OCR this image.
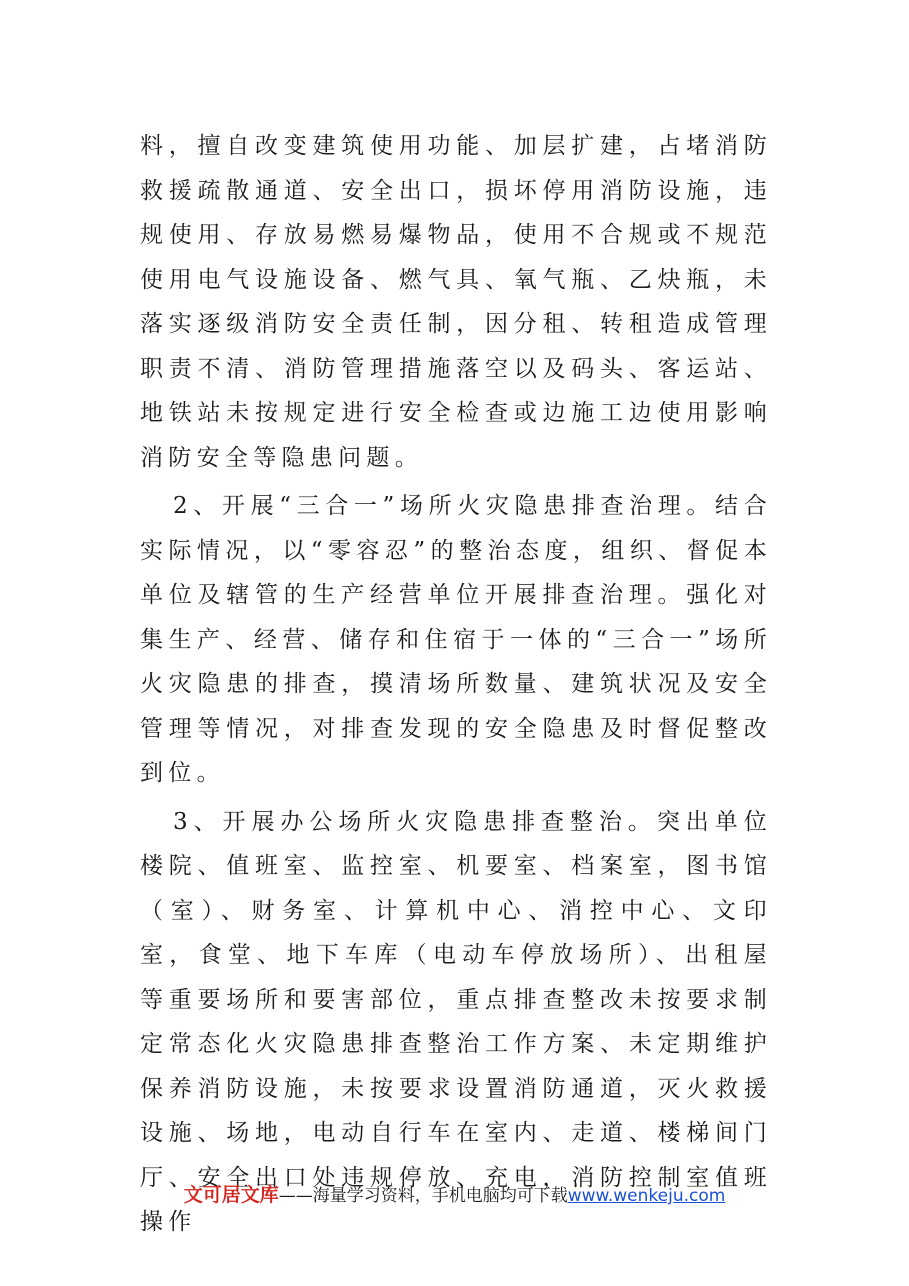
料，擅自改变建筑使用功能、加层扩建，占堵消防救援疏散通道、安全出口，损坏停用消防设施，违规使用、存放易燃易爆物品，使用不合规或不规范使用电气设施设备、燃气具、氧气瓶、乙炔瓶，未落实逐级消防安全责任制，因分租、转租造成管理职责不清、消防管理措施落空以及码头、客运站、地铁站未按规定进行安全检查或边施工边使用影响消防安全等隐患问题。

2、开展“三合一”场所火灾隐患排查治理。结合实际情况，以“零容忍”的整治态度，组织、督促本单位及辖管的生产经营单位开展排查治理。强化对集生产、经营、储存和住宿于一体的“三合一”场所火灾隐患的排查，摸清场所数量、建筑状况及安全管理等情况，对排查发现的安全隐患及时督促整改到位。

3、开展办公场所火灾隐患排查整治。突出单位楼院、值班室、监控室、机要室、档案室，图书馆（室）、财务室、计算机中心、消控中心、文印室，食堂、地下车库（电动车停放场所）、出租屋等重要场所和要害部位，重点排查整改未按要求制定常态化火灾隐患排查整治工作方案、未定期维护保养消防设施，未按要求设置消防通道，灭火救援设施、场地，电动自行车在室内、走道、楼梯间门厅、安全出口处违规停放、充电，消防控制室值班操作

文可居文库——海量学习资料，手机电脑均可下载www.wenkeju.com
